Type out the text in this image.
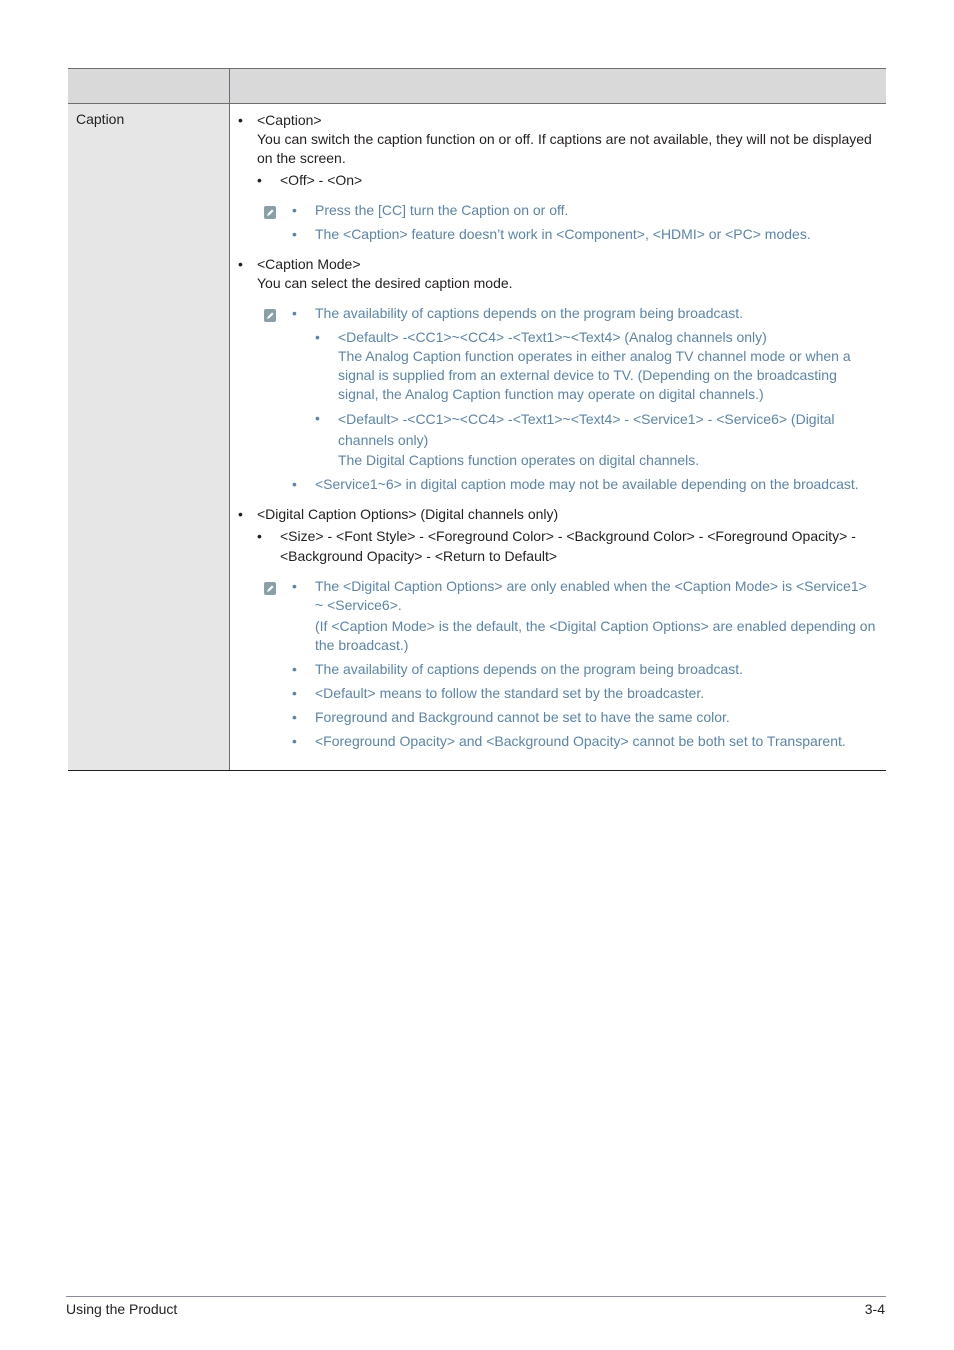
Caption	• <Caption>
You can switch the caption function on or off. If captions are not available, they will not be displayed on the screen.
• <Off> - <On>
• Press the [CC] turn the Caption on or off.
• The <Caption> feature doesn’t work in <Component>, <HDMI> or <PC> modes.
• <Caption Mode>
You can select the desired caption mode.
• The availability of captions depends on the program being broadcast.
• <Default> -<CC1>~<CC4> -<Text1>~<Text4> (Analog channels only)
The Analog Caption function operates in either analog TV channel mode or when a signal is supplied from an external device to TV. (Depending on the broadcasting signal, the Analog Caption function may operate on digital channels.)
• <Default> -<CC1>~<CC4> -<Text1>~<Text4> - <Service1> - <Service6> (Digital channels only)
The Digital Captions function operates on digital channels.
• <Service1~6> in digital caption mode may not be available depending on the broadcast.
• <Digital Caption Options> (Digital channels only)
• <Size> - <Font Style> - <Foreground Color> - <Background Color> - <Foreground Opacity> - <Background Opacity> - <Return to Default>
• The <Digital Caption Options> are only enabled when the <Caption Mode> is <Service1> ~ <Service6>.
(If <Caption Mode> is the default, the <Digital Caption Options> are enabled depending on the broadcast.)
• The availability of captions depends on the program being broadcast.
• <Default> means to follow the standard set by the broadcaster.
• Foreground and Background cannot be set to have the same color.
• <Foreground Opacity> and <Background Opacity> cannot be both set to Transparent.
Using the Product	3-4
